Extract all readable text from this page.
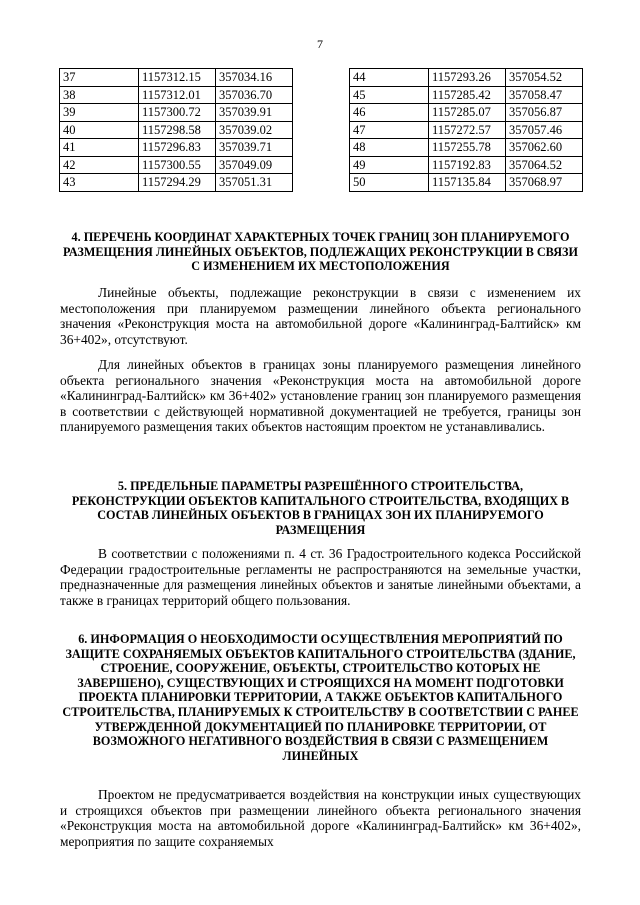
7
37	1157312.15	357034.16
38	1157312.01	357036.70
39	1157300.72	357039.91
40	1157298.58	357039.02
41	1157296.83	357039.71
42	1157300.55	357049.09
43	1157294.29	357051.31
44	1157293.26	357054.52
45	1157285.42	357058.47
46	1157285.07	357056.87
47	1157272.57	357057.46
48	1157255.78	357062.60
49	1157192.83	357064.52
50	1157135.84	357068.97

4. ПЕРЕЧЕНЬ КООРДИНАТ ХАРАКТЕРНЫХ ТОЧЕК ГРАНИЦ ЗОН ПЛАНИРУЕМОГО РАЗМЕЩЕНИЯ ЛИНЕЙНЫХ ОБЪЕКТОВ, ПОДЛЕЖАЩИХ РЕКОНСТРУКЦИИ В СВЯЗИ С ИЗМЕНЕНИЕМ ИХ МЕСТОПОЛОЖЕНИЯ

Линейные объекты, подлежащие реконструкции в связи с изменением их местоположения при планируемом размещении линейного объекта регионального значения «Реконструкция моста на автомобильной дороге «Калининград-Балтийск» км 36+402», отсутствуют.

Для линейных объектов в границах зоны планируемого размещения линейного объекта регионального значения «Реконструкция моста на автомобильной дороге «Калининград-Балтийск» км 36+402» установление границ зон планируемого размещения в соответствии с действующей нормативной документацией не требуется, границы зон планируемого размещения таких объектов настоящим проектом не устанавливались.

5. ПРЕДЕЛЬНЫЕ ПАРАМЕТРЫ РАЗРЕШЁННОГО СТРОИТЕЛЬСТВА, РЕКОНСТРУКЦИИ ОБЪЕКТОВ КАПИТАЛЬНОГО СТРОИТЕЛЬСТВА, ВХОДЯЩИХ В СОСТАВ ЛИНЕЙНЫХ ОБЪЕКТОВ В ГРАНИЦАХ ЗОН ИХ ПЛАНИРУЕМОГО РАЗМЕЩЕНИЯ

В соответствии с положениями п. 4 ст. 36 Градостроительного кодекса Российской Федерации градостроительные регламенты не распространяются на земельные участки, предназначенные для размещения линейных объектов и занятые линейными объектами, а также в границах территорий общего пользования.

6. ИНФОРМАЦИЯ О НЕОБХОДИМОСТИ ОСУЩЕСТВЛЕНИЯ МЕРОПРИЯТИЙ ПО ЗАЩИТЕ СОХРАНЯЕМЫХ ОБЪЕКТОВ КАПИТАЛЬНОГО СТРОИТЕЛЬСТВА (ЗДАНИЕ, СТРОЕНИЕ, СООРУЖЕНИЕ, ОБЪЕКТЫ, СТРОИТЕЛЬСТВО КОТОРЫХ НЕ ЗАВЕРШЕНО), СУЩЕСТВУЮЩИХ И СТРОЯЩИХСЯ НА МОМЕНТ ПОДГОТОВКИ ПРОЕКТА ПЛАНИРОВКИ ТЕРРИТОРИИ, А ТАКЖЕ ОБЪЕКТОВ КАПИТАЛЬНОГО СТРОИТЕЛЬСТВА, ПЛАНИРУЕМЫХ К СТРОИТЕЛЬСТВУ В СООТВЕТСТВИИ С РАНЕЕ УТВЕРЖДЕННОЙ ДОКУМЕНТАЦИЕЙ ПО ПЛАНИРОВКЕ ТЕРРИТОРИИ, ОТ ВОЗМОЖНОГО НЕГАТИВНОГО ВОЗДЕЙСТВИЯ В СВЯЗИ С РАЗМЕЩЕНИЕМ ЛИНЕЙНЫХ

Проектом не предусматривается воздействия на конструкции иных существующих и строящихся объектов при размещении линейного объекта регионального значения «Реконструкция моста на автомобильной дороге «Калининград-Балтийск» км 36+402», мероприятия по защите сохраняемых
